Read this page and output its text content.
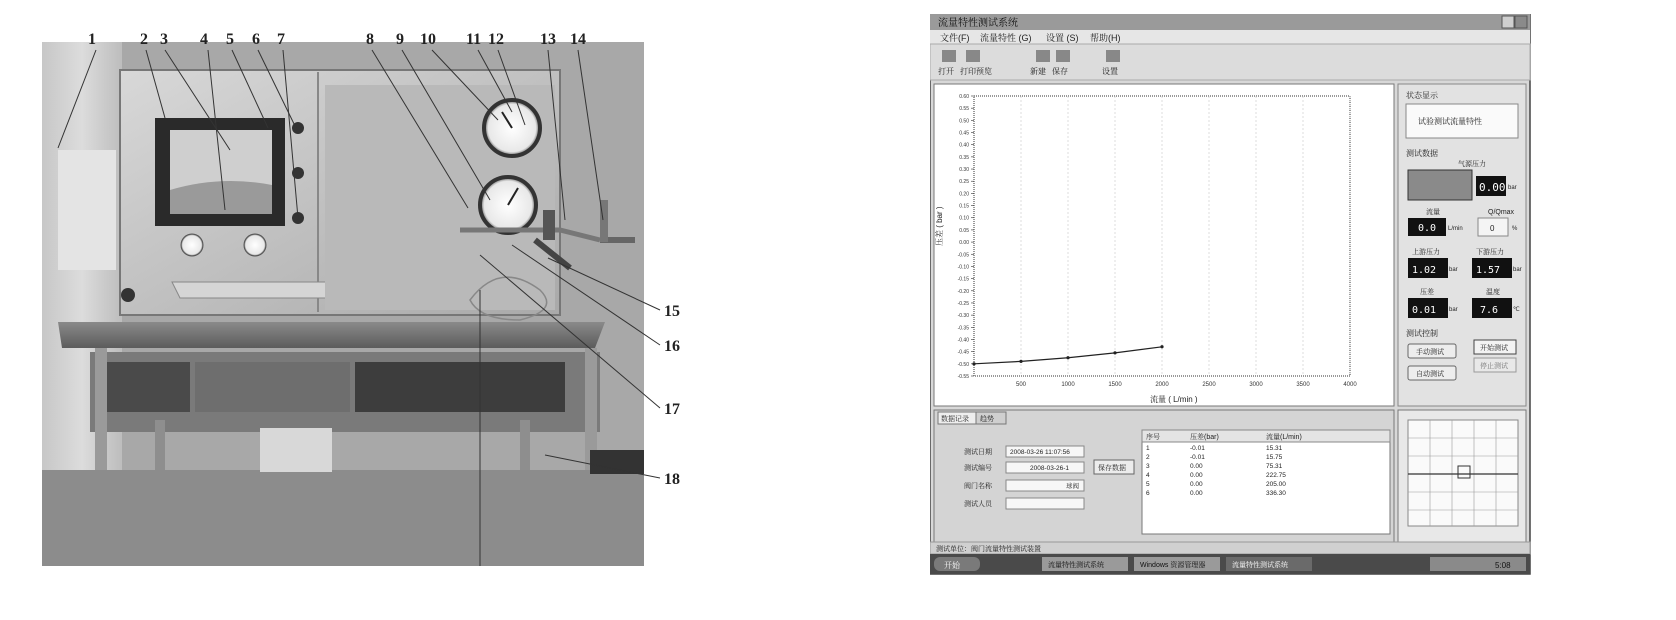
1	2 3 4 5 6 7	8 9 10 11 12 13 14
15
16
17
18
流量特性测试系统
文件(F) 流量特性 (G) 设置 (S) 帮助(H)
打开 打印预览	新建 保存	设置
-0.55
-0.50
-0.45
-0.40
-0.35
-0.30
-0.25
-0.20
-0.15
-0.10
-0.05
0.00
0.05
0.10
0.15
0.20
0.25
0.30
0.35
0.40
0.45
0.50
0.55
0.60
500	1000	1500	2000	2500	3000	3500	4000
压差 ( bar )
流量 ( L/min )
状态显示
试验测试流量特性
测试数据
气源压力
0.00 bar
流量
0.0 L/min
Q/Qmax
0	%
上游压力
1.02 bar
下游压力
1.57 bar
压差
0.01 bar
温度
7.6 ℃
测试控制
手动测试
自动测试
开始测试
停止测试
数据记录 趋势
测试日期	2008-03-26 11:07:56
测试编号	2008-03-26-1
阀门名称	球阀
测试人员
保存数据
序号	压差(bar)	流量(L/min)
1	-0.01	15.31
2	-0.01	15.75
3	0.00	75.31
4	0.00	222.75
5	0.00	205.00
6	0.00	336.30
测试单位：阀门流量特性测试装置
开始	流量特性测试系统	Windows 资源管理器	流量特性测试系统	5:08
